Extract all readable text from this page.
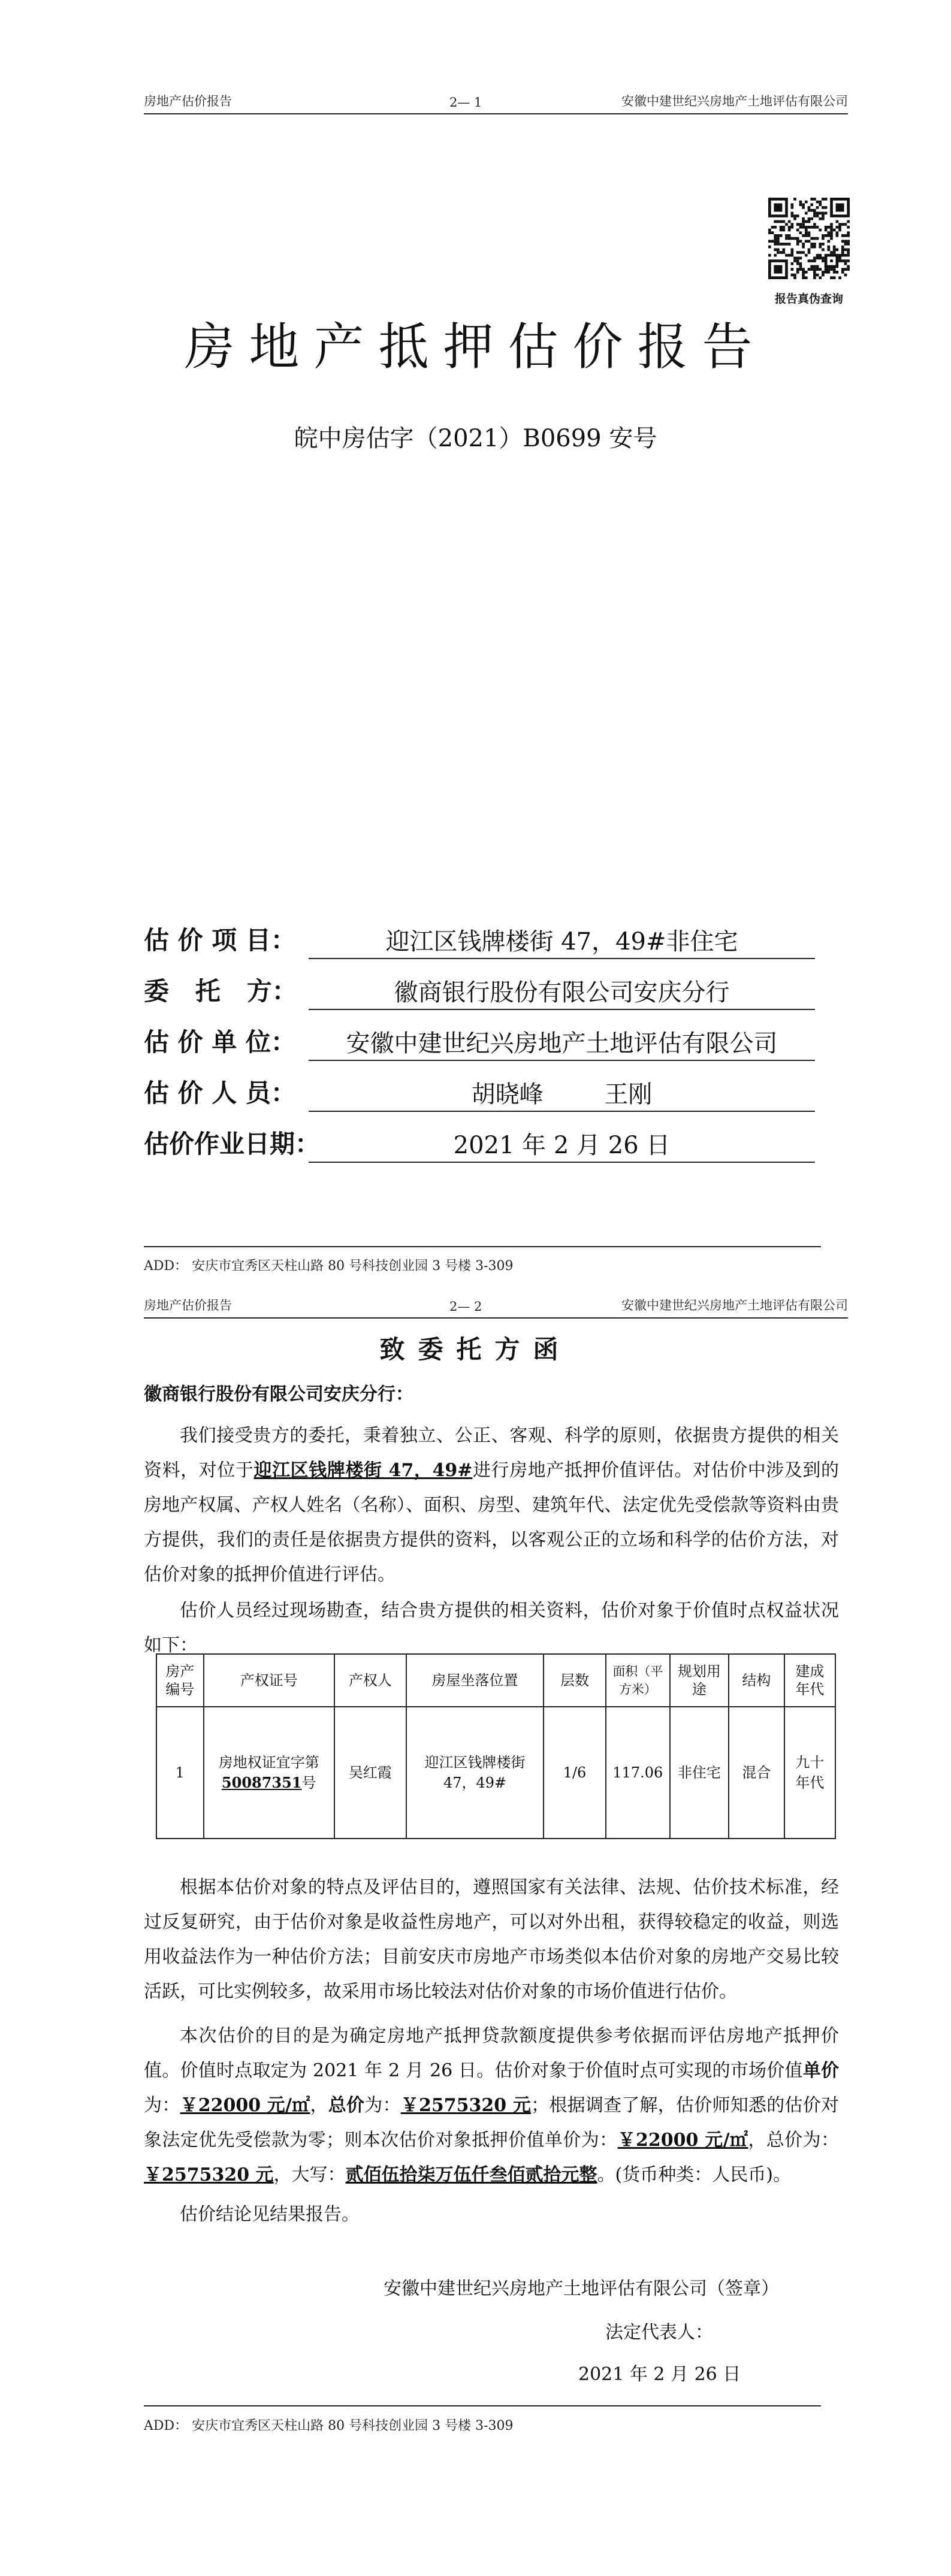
房地产估价报告	2— 1	安徽中建世纪兴房地产土地评估有限公司
报告真伪查询
房地产抵押估价报告
皖中房估字（2021）B0699 安号
估 价 项 目：	迎江区钱牌楼街 47，49#非住宅
委   托   方：	徽商银行股份有限公司安庆分行
估 价 单 位：	安徽中建世纪兴房地产土地评估有限公司
估 价 人 员：	胡晓峰        王刚
估价作业日期：	2021 年 2 月 26 日
ADD： 安庆市宜秀区天柱山路 80 号科技创业园 3 号楼 3-309
房地产估价报告	2— 2	安徽中建世纪兴房地产土地评估有限公司
致委托方函
徽商银行股份有限公司安庆分行：
我们接受贵方的委托，秉着独立、公正、客观、科学的原则，依据贵方提供的相关资料，对位于迎江区钱牌楼街 47，49#进行房地产抵押价值评估。对估价中涉及到的房地产权属、产权人姓名（名称）、面积、房型、建筑年代、法定优先受偿款等资料由贵方提供，我们的责任是依据贵方提供的资料，以客观公正的立场和科学的估价方法，对估价对象的抵押价值进行评估。
估价人员经过现场勘查，结合贵方提供的相关资料，估价对象于价值时点权益状况如下：
房产编号	产权证号	产权人	房屋坐落位置	层数	面积（平方米）	规划用途	结构	建成年代
1	房地权证宜字第50087351号	吴红霞	迎江区钱牌楼街 47，49#	1/6	117.06	非住宅	混合	九十年代
根据本估价对象的特点及评估目的，遵照国家有关法律、法规、估价技术标准，经过反复研究，由于估价对象是收益性房地产，可以对外出租，获得较稳定的收益，则选用收益法作为一种估价方法；目前安庆市房地产市场类似本估价对象的房地产交易比较活跃，可比实例较多，故采用市场比较法对估价对象的市场价值进行估价。
本次估价的目的是为确定房地产抵押贷款额度提供参考依据而评估房地产抵押价值。价值时点取定为 2021 年 2 月 26 日。估价对象于价值时点可实现的市场价值单价为：￥22000 元/㎡，总价为：￥2575320 元；根据调查了解，估价师知悉的估价对象法定优先受偿款为零；则本次估价对象抵押价值单价为：￥22000 元/㎡，总价为：￥2575320 元，大写：贰佰伍拾柒万伍仟叁佰贰拾元整。(货币种类：人民币)。
估价结论见结果报告。
安徽中建世纪兴房地产土地评估有限公司（签章）
法定代表人：
2021 年 2 月 26 日
ADD： 安庆市宜秀区天柱山路 80 号科技创业园 3 号楼 3-309
